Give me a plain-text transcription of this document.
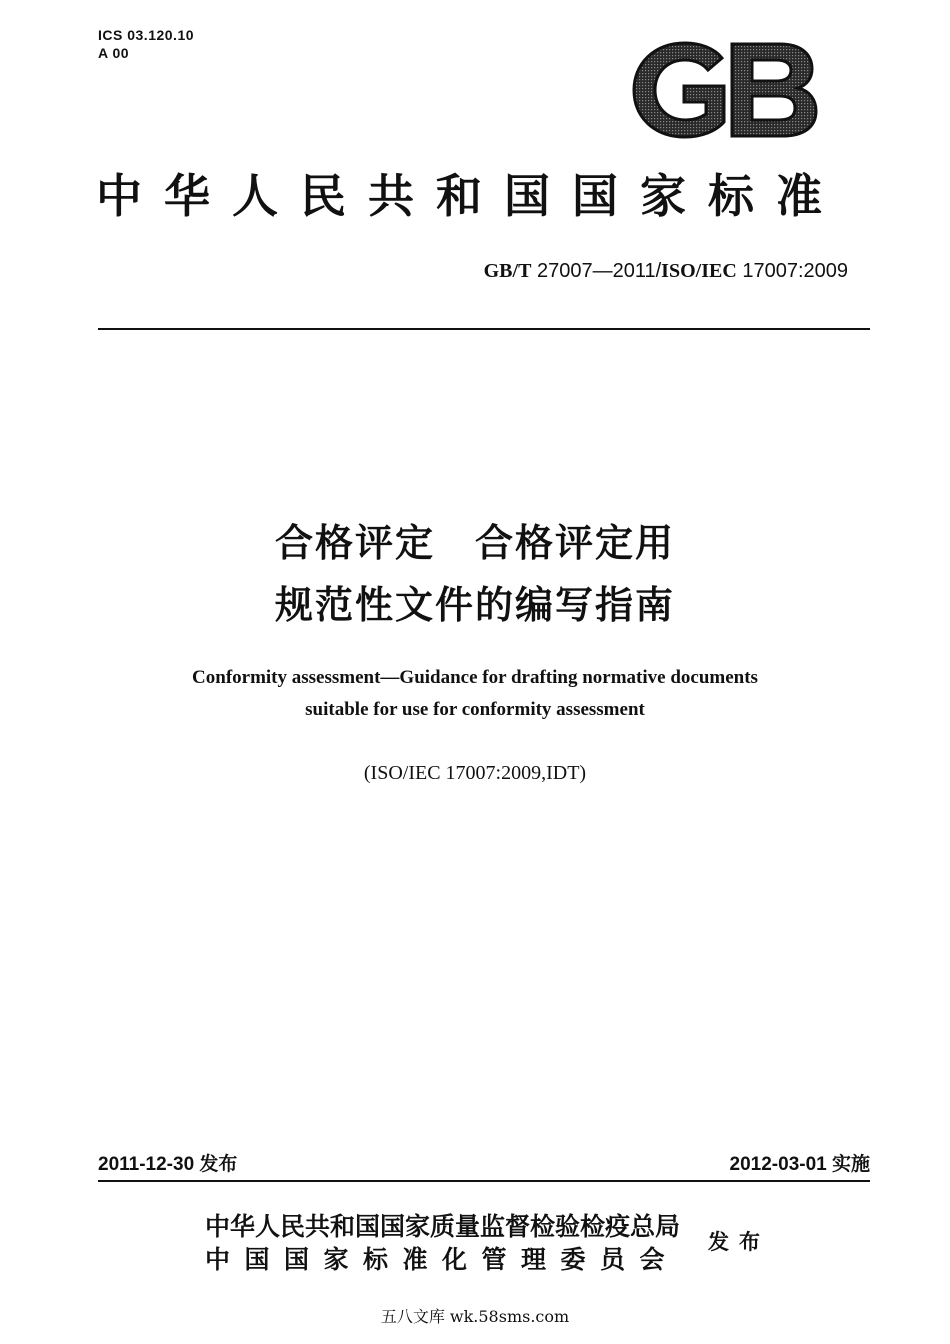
ICS 03.120.10
A 00
中华人民共和国国家标准
GB/T 27007—2011/ISO/IEC 17007:2009
合格评定　合格评定用
规范性文件的编写指南
Conformity assessment—Guidance for drafting normative documents
suitable for use for conformity assessment
(ISO/IEC 17007:2009,IDT)
2011-12-30 发布	2012-03-01 实施
中华人民共和国国家质量监督检验检疫总局
中国国家标准化管理委员会
发布
五八文库 wk.58sms.com
